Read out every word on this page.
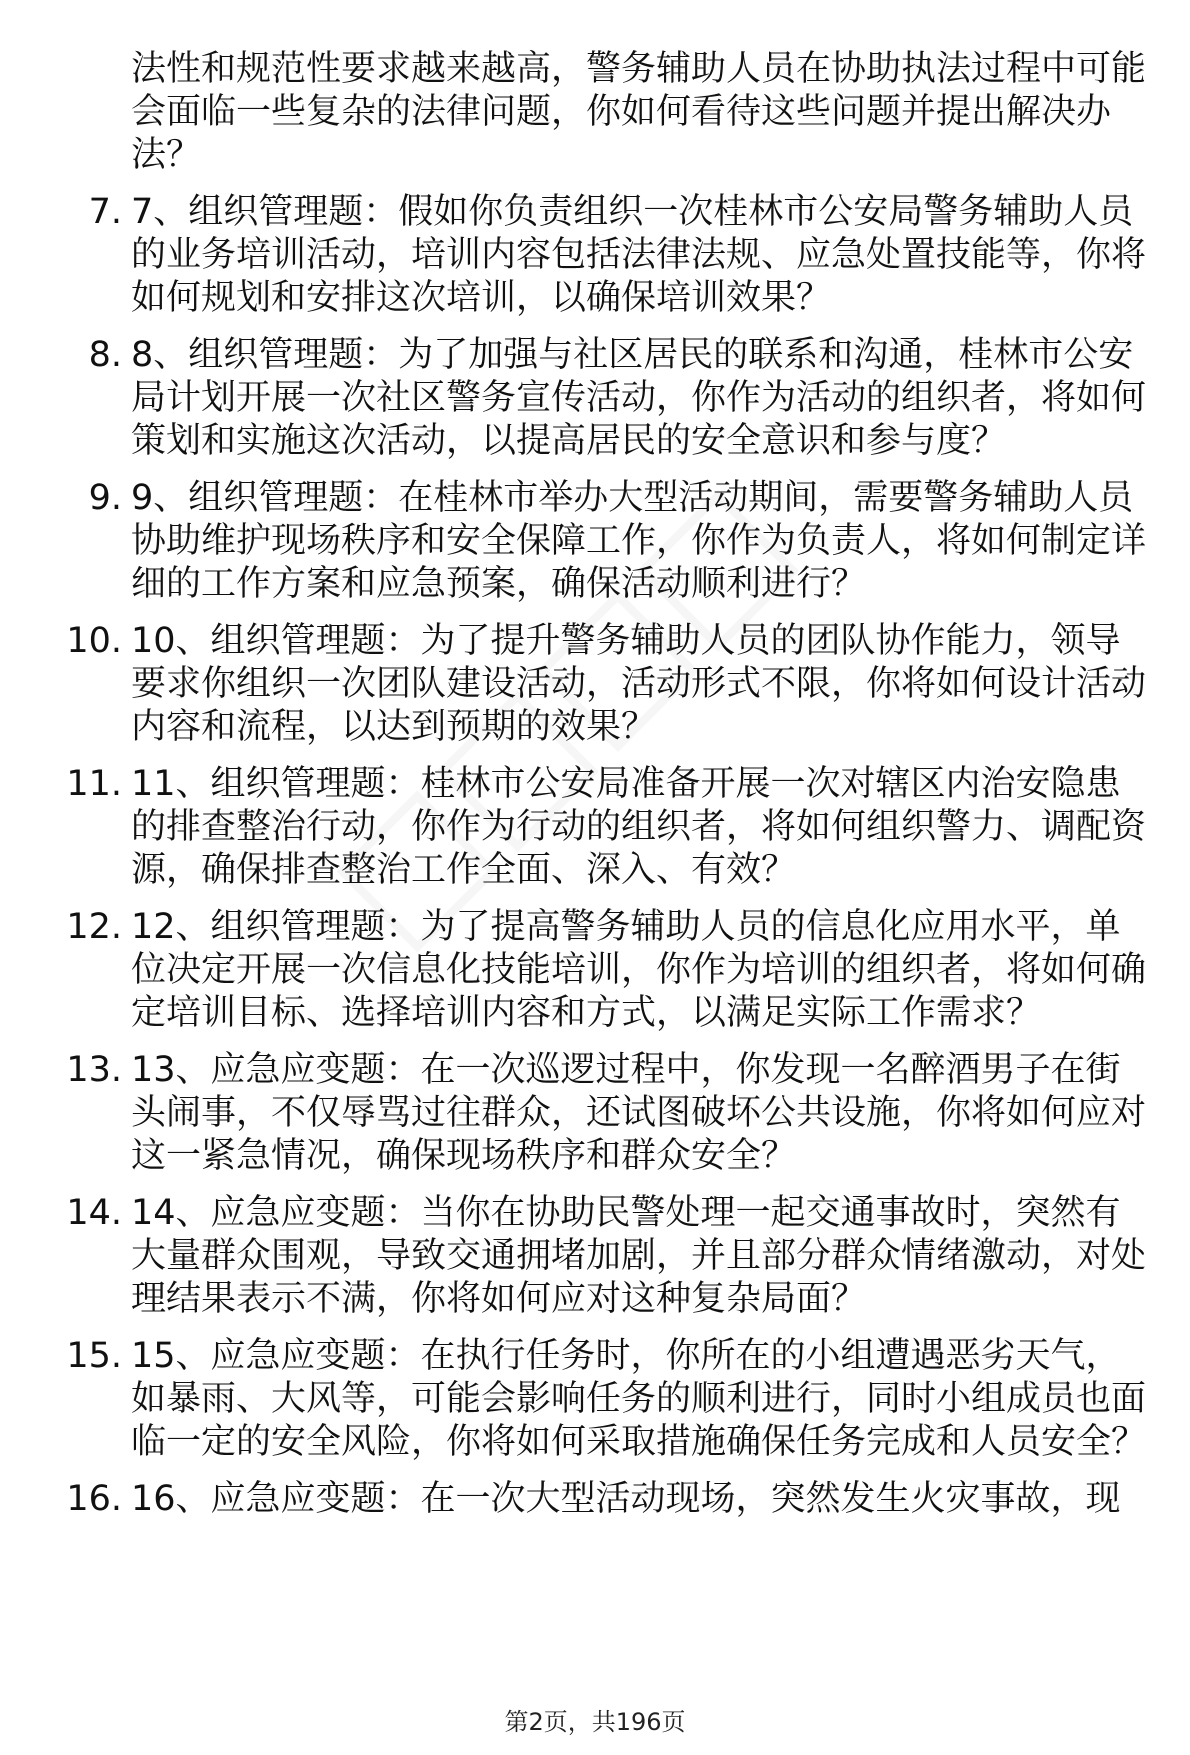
法性和规范性要求越来越高，警务辅助人员在协助执法过程中可能会面临一些复杂的法律问题，你如何看待这些问题并提出解决办法？
7. 7、组织管理题：假如你负责组织一次桂林市公安局警务辅助人员的业务培训活动，培训内容包括法律法规、应急处置技能等，你将如何规划和安排这次培训，以确保培训效果？
8. 8、组织管理题：为了加强与社区居民的联系和沟通，桂林市公安局计划开展一次社区警务宣传活动，你作为活动的组织者，将如何策划和实施这次活动，以提高居民的安全意识和参与度？
9. 9、组织管理题：在桂林市举办大型活动期间，需要警务辅助人员协助维护现场秩序和安全保障工作，你作为负责人，将如何制定详细的工作方案和应急预案，确保活动顺利进行？
10. 10、组织管理题：为了提升警务辅助人员的团队协作能力，领导要求你组织一次团队建设活动，活动形式不限，你将如何设计活动内容和流程，以达到预期的效果？
11. 11、组织管理题：桂林市公安局准备开展一次对辖区内治安隐患的排查整治行动，你作为行动的组织者，将如何组织警力、调配资源，确保排查整治工作全面、深入、有效？
12. 12、组织管理题：为了提高警务辅助人员的信息化应用水平，单位决定开展一次信息化技能培训，你作为培训的组织者，将如何确定培训目标、选择培训内容和方式，以满足实际工作需求？
13. 13、应急应变题：在一次巡逻过程中，你发现一名醉酒男子在街头闹事，不仅辱骂过往群众，还试图破坏公共设施，你将如何应对这一紧急情况，确保现场秩序和群众安全？
14. 14、应急应变题：当你在协助民警处理一起交通事故时，突然有大量群众围观，导致交通拥堵加剧，并且部分群众情绪激动，对处理结果表示不满，你将如何应对这种复杂局面？
15. 15、应急应变题：在执行任务时，你所在的小组遭遇恶劣天气，如暴雨、大风等，可能会影响任务的顺利进行，同时小组成员也面临一定的安全风险，你将如何采取措施确保任务完成和人员安全？
16. 16、应急应变题：在一次大型活动现场，突然发生火灾事故，现
第2页，共196页
